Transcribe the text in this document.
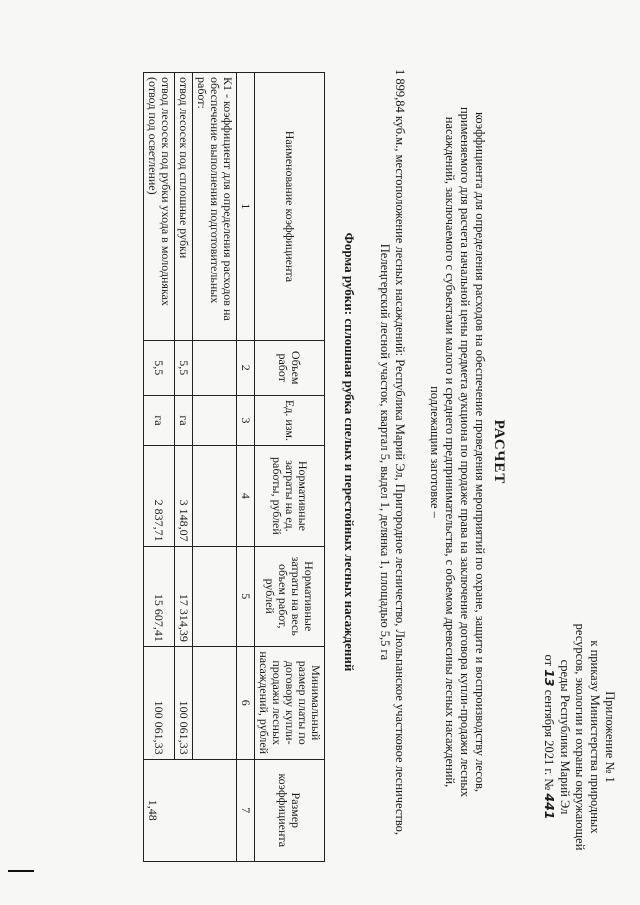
Приложение № 1
к приказу Министерства природных
ресурсов, экологии и охраны окружающей
среды Республики Марий Эл
от 13 сентября 2021 г. № 441
РАСЧЕТ
коэффициента для определения расходов на обеспечение проведения мероприятий по охране, защите и воспроизводству лесов, применяемого для расчета начальной цены предмета аукциона по продаже права на заключение договора купли-продажи лесных насаждений, заключаемого с субъектами малого и среднего предпринимательства, с объемом древесины лесных насаждений, подлежащим заготовке –
1 899,84 куб.м., местоположение лесных насаждений: Республика Марий Эл, Пригородное лесничество, Люльпанское участковое лесничество, Пелеңгерский лесной участок, квартал 5, выдел 1, делянка 1, площадью 5,5 га
Форма рубки: сплошная рубка спелых и перестойных лесных насаждений
Наименование коэффициента	Объем работ	Ед. изм.	Нормативные затраты на ед. работы, рублей	Нормативные затраты на весь объем работ, рублей	Минимальный размер платы по договору купли-продажи лесных насаждений, рублей	Размер коэффициента
1	2	3	4	5	6	7
К1 - коэффициент для определения расходов на обеспечение выполнения подготовительных работ:						1,48
отвод лесосек под сплошные рубки	5,5	га	3 148,07	17 314,39	100 061,33	
отвод лесосек под рубки ухода в молодняках (отвод под осветление)	5,5	га	2 837,71	15 607,41	100 061,33	
